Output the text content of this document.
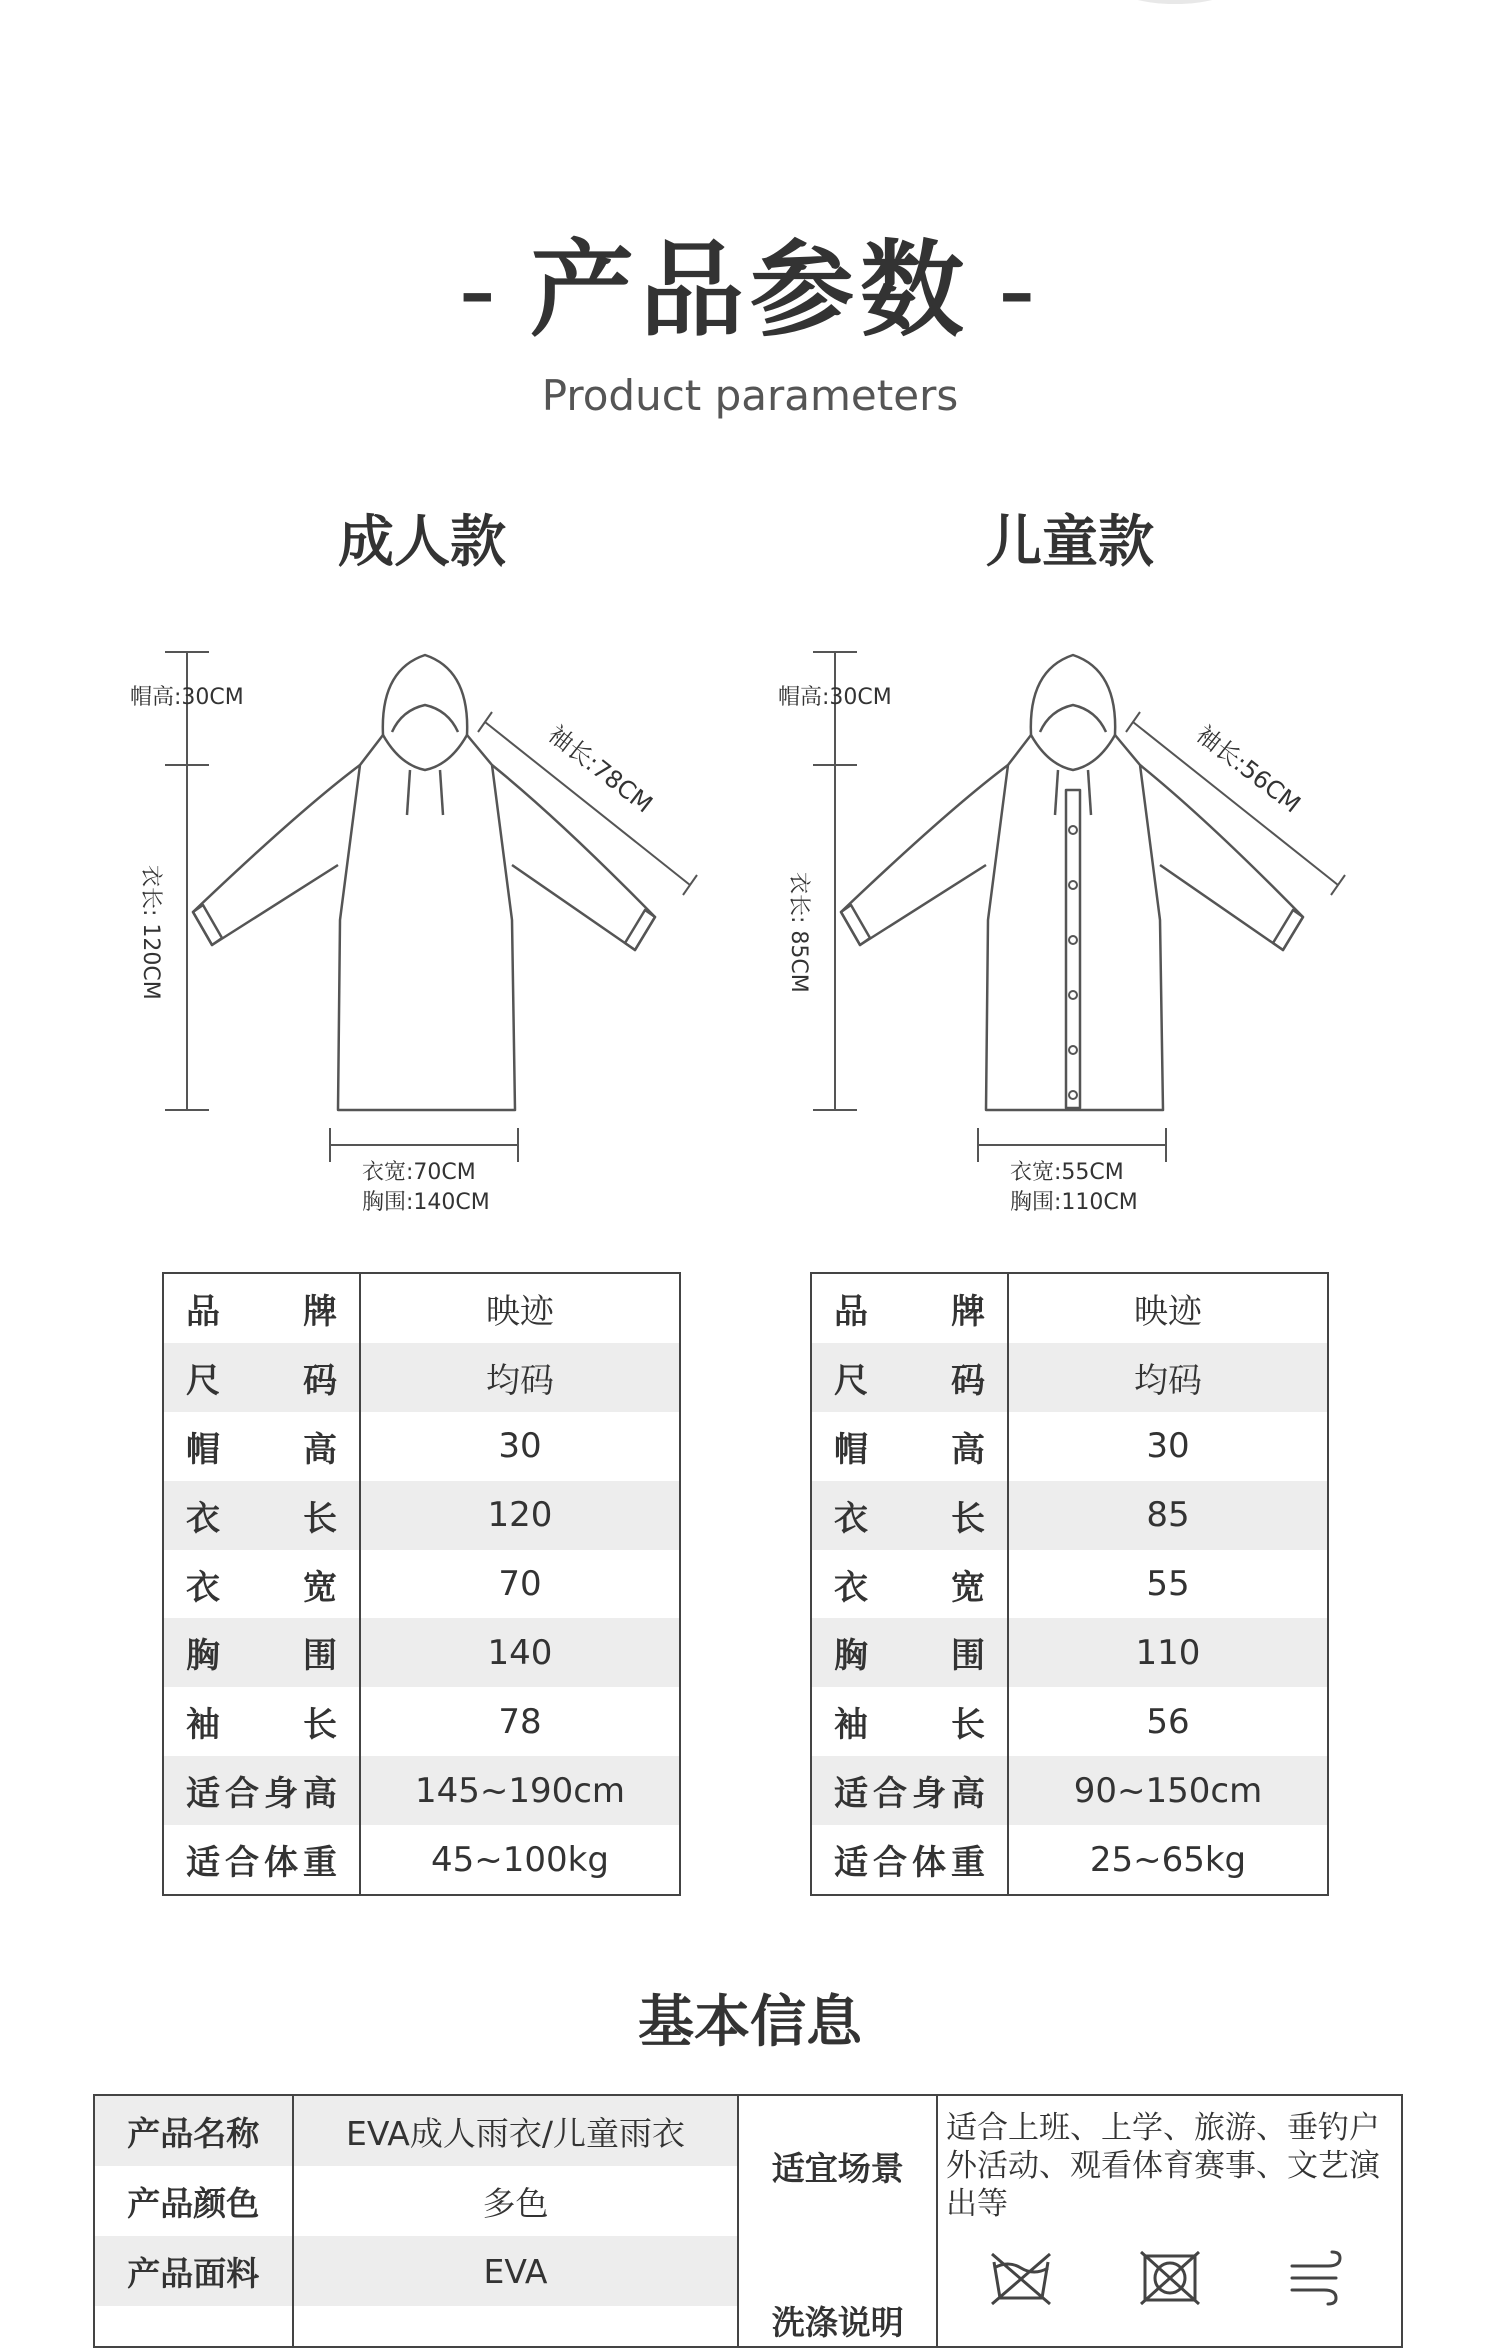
- 产品参数 -
Product parameters
成人款	儿童款
帽高:30CM
衣长: 120CM
袖长:78CM
衣宽:70CM
胸围:140CM
帽高:30CM
衣长: 85CM
袖长:56CM
衣宽:55CM
胸围:110CM
品牌	映迹
尺码	均码
帽高	30
衣长	120
衣宽	70
胸围	140
袖长	78
适合身高	145~190cm
适合体重	45~100kg
品牌	映迹
尺码	均码
帽高	30
衣长	85
衣宽	55
胸围	110
袖长	56
适合身高	90~150cm
适合体重	25~65kg
基本信息
产品名称	EVA成人雨衣/儿童雨衣	适宜场景	适合上班、上学、旅游、垂钓户外活动、观看体育赛事、文艺演出等
产品颜色	多色		
产品面料	EVA	洗涤说明	
